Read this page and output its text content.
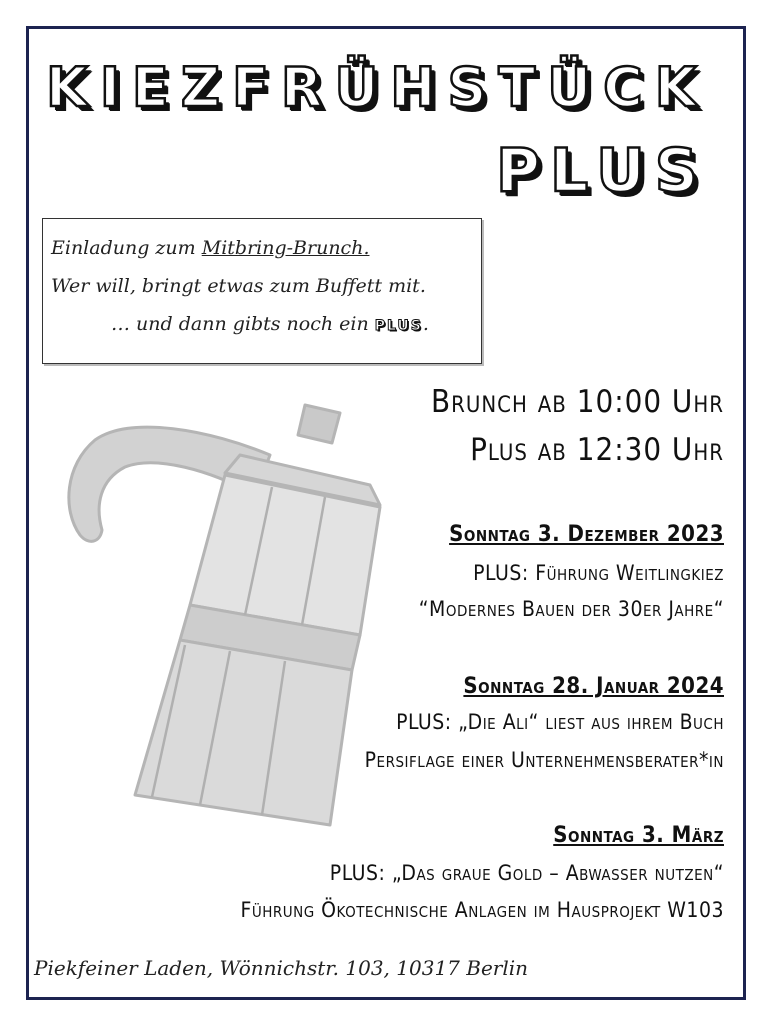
KIEZFRÜHSTÜCK
PLUS
Einladung zum Mitbring-Brunch.
Wer will, bringt etwas zum Buffett mit.
… und dann gibts noch ein PLUS.
Brunch ab 10:00 Uhr
Plus ab 12:30 Uhr
Sonntag 3. Dezember 2023
PLUS: Führung Weitlingkiez
“Modernes Bauen der 30er Jahre“
Sonntag 28. Januar 2024
PLUS: „Die Ali“ liest aus ihrem Buch
Persiflage einer Unternehmensberater*in
Sonntag 3. März
PLUS: „Das graue Gold – Abwasser nutzen“
Führung Ökotechnische Anlagen im Hausprojekt W103
Piekfeiner Laden, Wönnichstr. 103, 10317 Berlin
